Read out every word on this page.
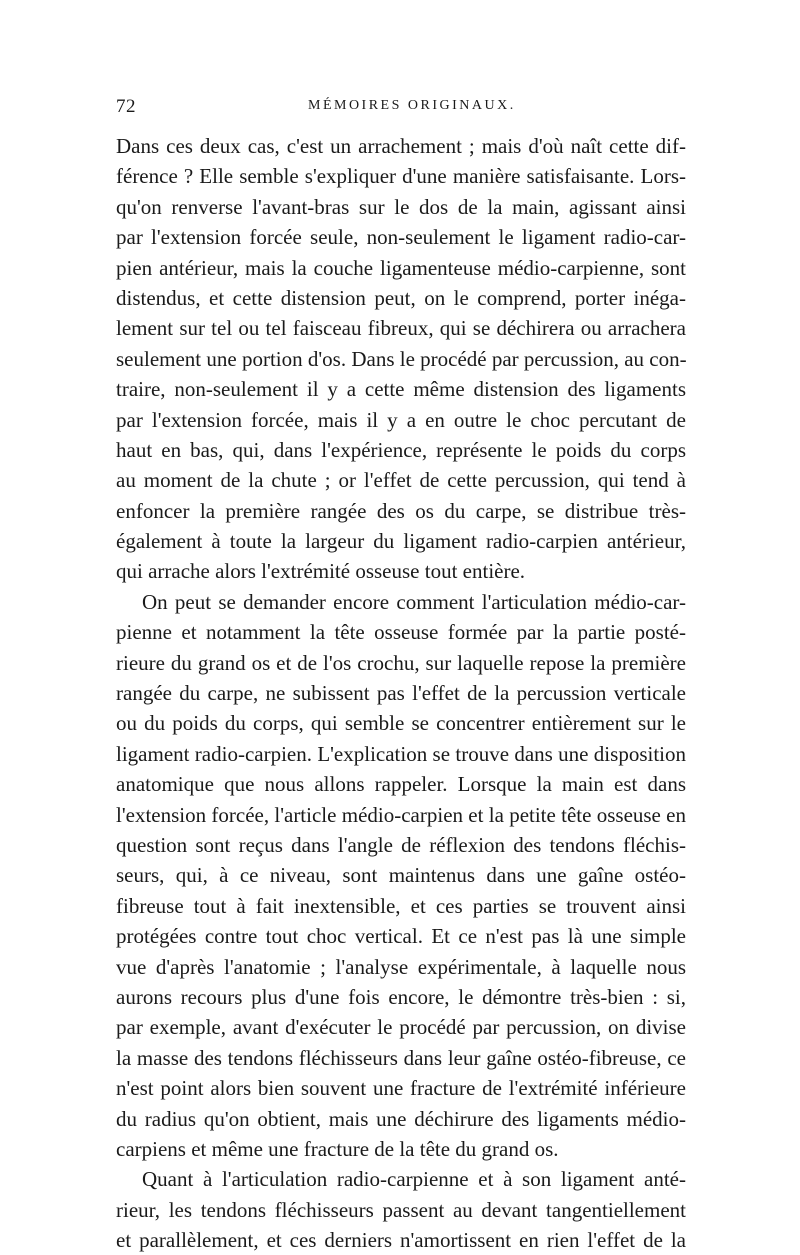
72	MÉMOIRES ORIGINAUX.
Dans ces deux cas, c'est un arrachement ; mais d'où naît cette dif-
férence ? Elle semble s'expliquer d'une manière satisfaisante. Lors-
qu'on renverse l'avant-bras sur le dos de la main, agissant ainsi
par l'extension forcée seule, non-seulement le ligament radio-car-
pien antérieur, mais la couche ligamenteuse médio-carpienne, sont
distendus, et cette distension peut, on le comprend, porter inéga-
lement sur tel ou tel faisceau fibreux, qui se déchirera ou arrachera
seulement une portion d'os. Dans le procédé par percussion, au con-
traire, non-seulement il y a cette même distension des ligaments
par l'extension forcée, mais il y a en outre le choc percutant de
haut en bas, qui, dans l'expérience, représente le poids du corps
au moment de la chute ; or l'effet de cette percussion, qui tend à
enfoncer la première rangée des os du carpe, se distribue très-
également à toute la largeur du ligament radio-carpien antérieur,
qui arrache alors l'extrémité osseuse tout entière.
On peut se demander encore comment l'articulation médio-car-
pienne et notamment la tête osseuse formée par la partie posté-
rieure du grand os et de l'os crochu, sur laquelle repose la première
rangée du carpe, ne subissent pas l'effet de la percussion verticale
ou du poids du corps, qui semble se concentrer entièrement sur le
ligament radio-carpien. L'explication se trouve dans une disposition
anatomique que nous allons rappeler. Lorsque la main est dans
l'extension forcée, l'article médio-carpien et la petite tête osseuse en
question sont reçus dans l'angle de réflexion des tendons fléchis-
seurs, qui, à ce niveau, sont maintenus dans une gaîne ostéo-
fibreuse tout à fait inextensible, et ces parties se trouvent ainsi
protégées contre tout choc vertical. Et ce n'est pas là une simple
vue d'après l'anatomie ; l'analyse expérimentale, à laquelle nous
aurons recours plus d'une fois encore, le démontre très-bien : si,
par exemple, avant d'exécuter le procédé par percussion, on divise
la masse des tendons fléchisseurs dans leur gaîne ostéo-fibreuse, ce
n'est point alors bien souvent une fracture de l'extrémité inférieure
du radius qu'on obtient, mais une déchirure des ligaments médio-
carpiens et même une fracture de la tête du grand os.
Quant à l'articulation radio-carpienne et à son ligament anté-
rieur, les tendons fléchisseurs passent au devant tangentiellement
et parallèlement, et ces derniers n'amortissent en rien l'effet de la
